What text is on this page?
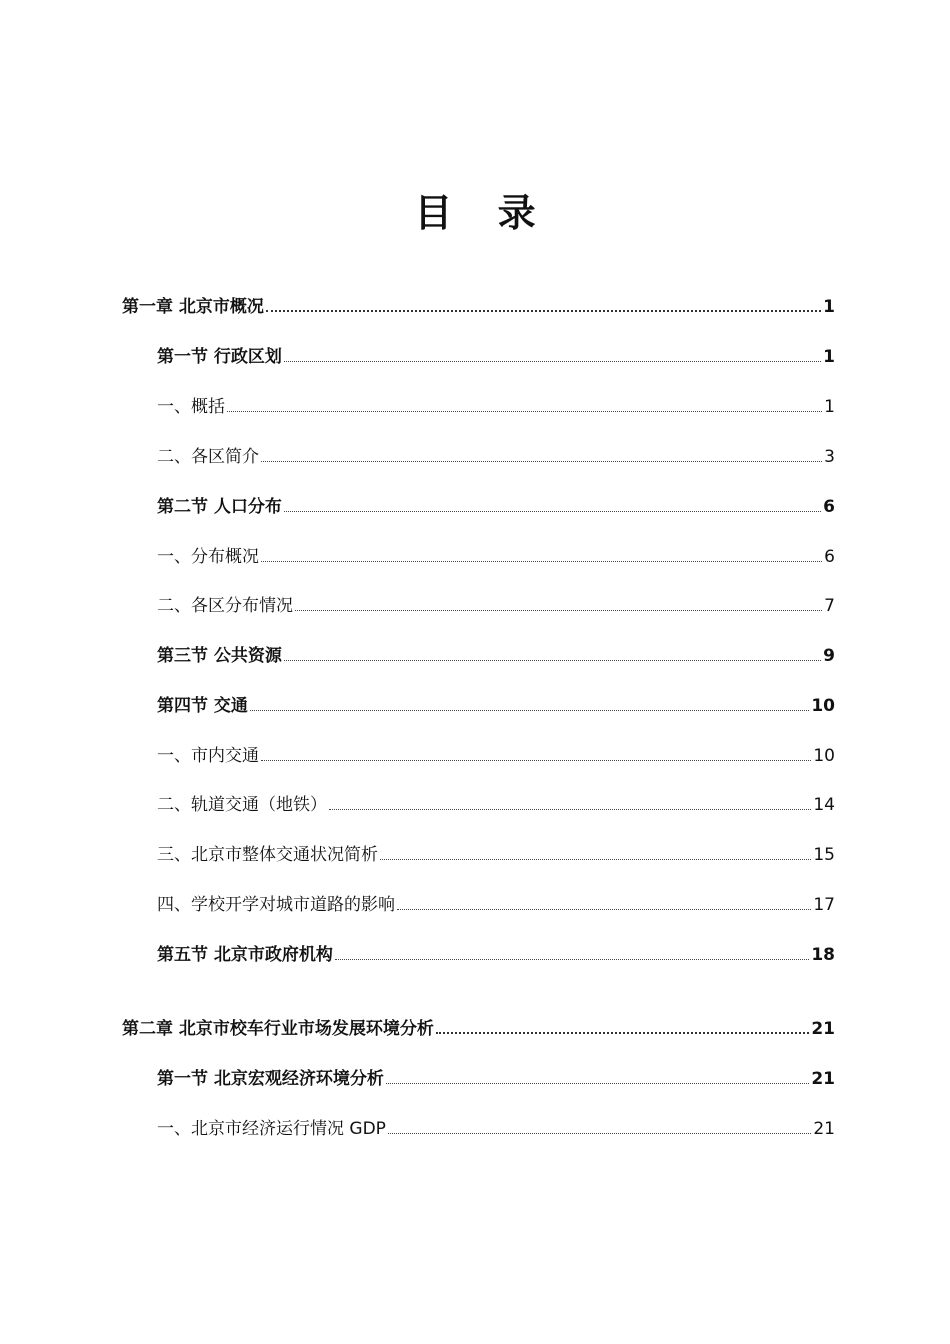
目 录
第一章 北京市概况	1
第一节 行政区划	1
一、概括	1
二、各区简介	3
第二节 人口分布	6
一、分布概况	6
二、各区分布情况	7
第三节 公共资源	9
第四节 交通	10
一、市内交通	10
二、轨道交通（地铁）	14
三、北京市整体交通状况简析	15
四、学校开学对城市道路的影响	17
第五节 北京市政府机构	18
第二章 北京市校车行业市场发展环境分析	21
第一节 北京宏观经济环境分析	21
一、北京市经济运行情况 GDP	21
